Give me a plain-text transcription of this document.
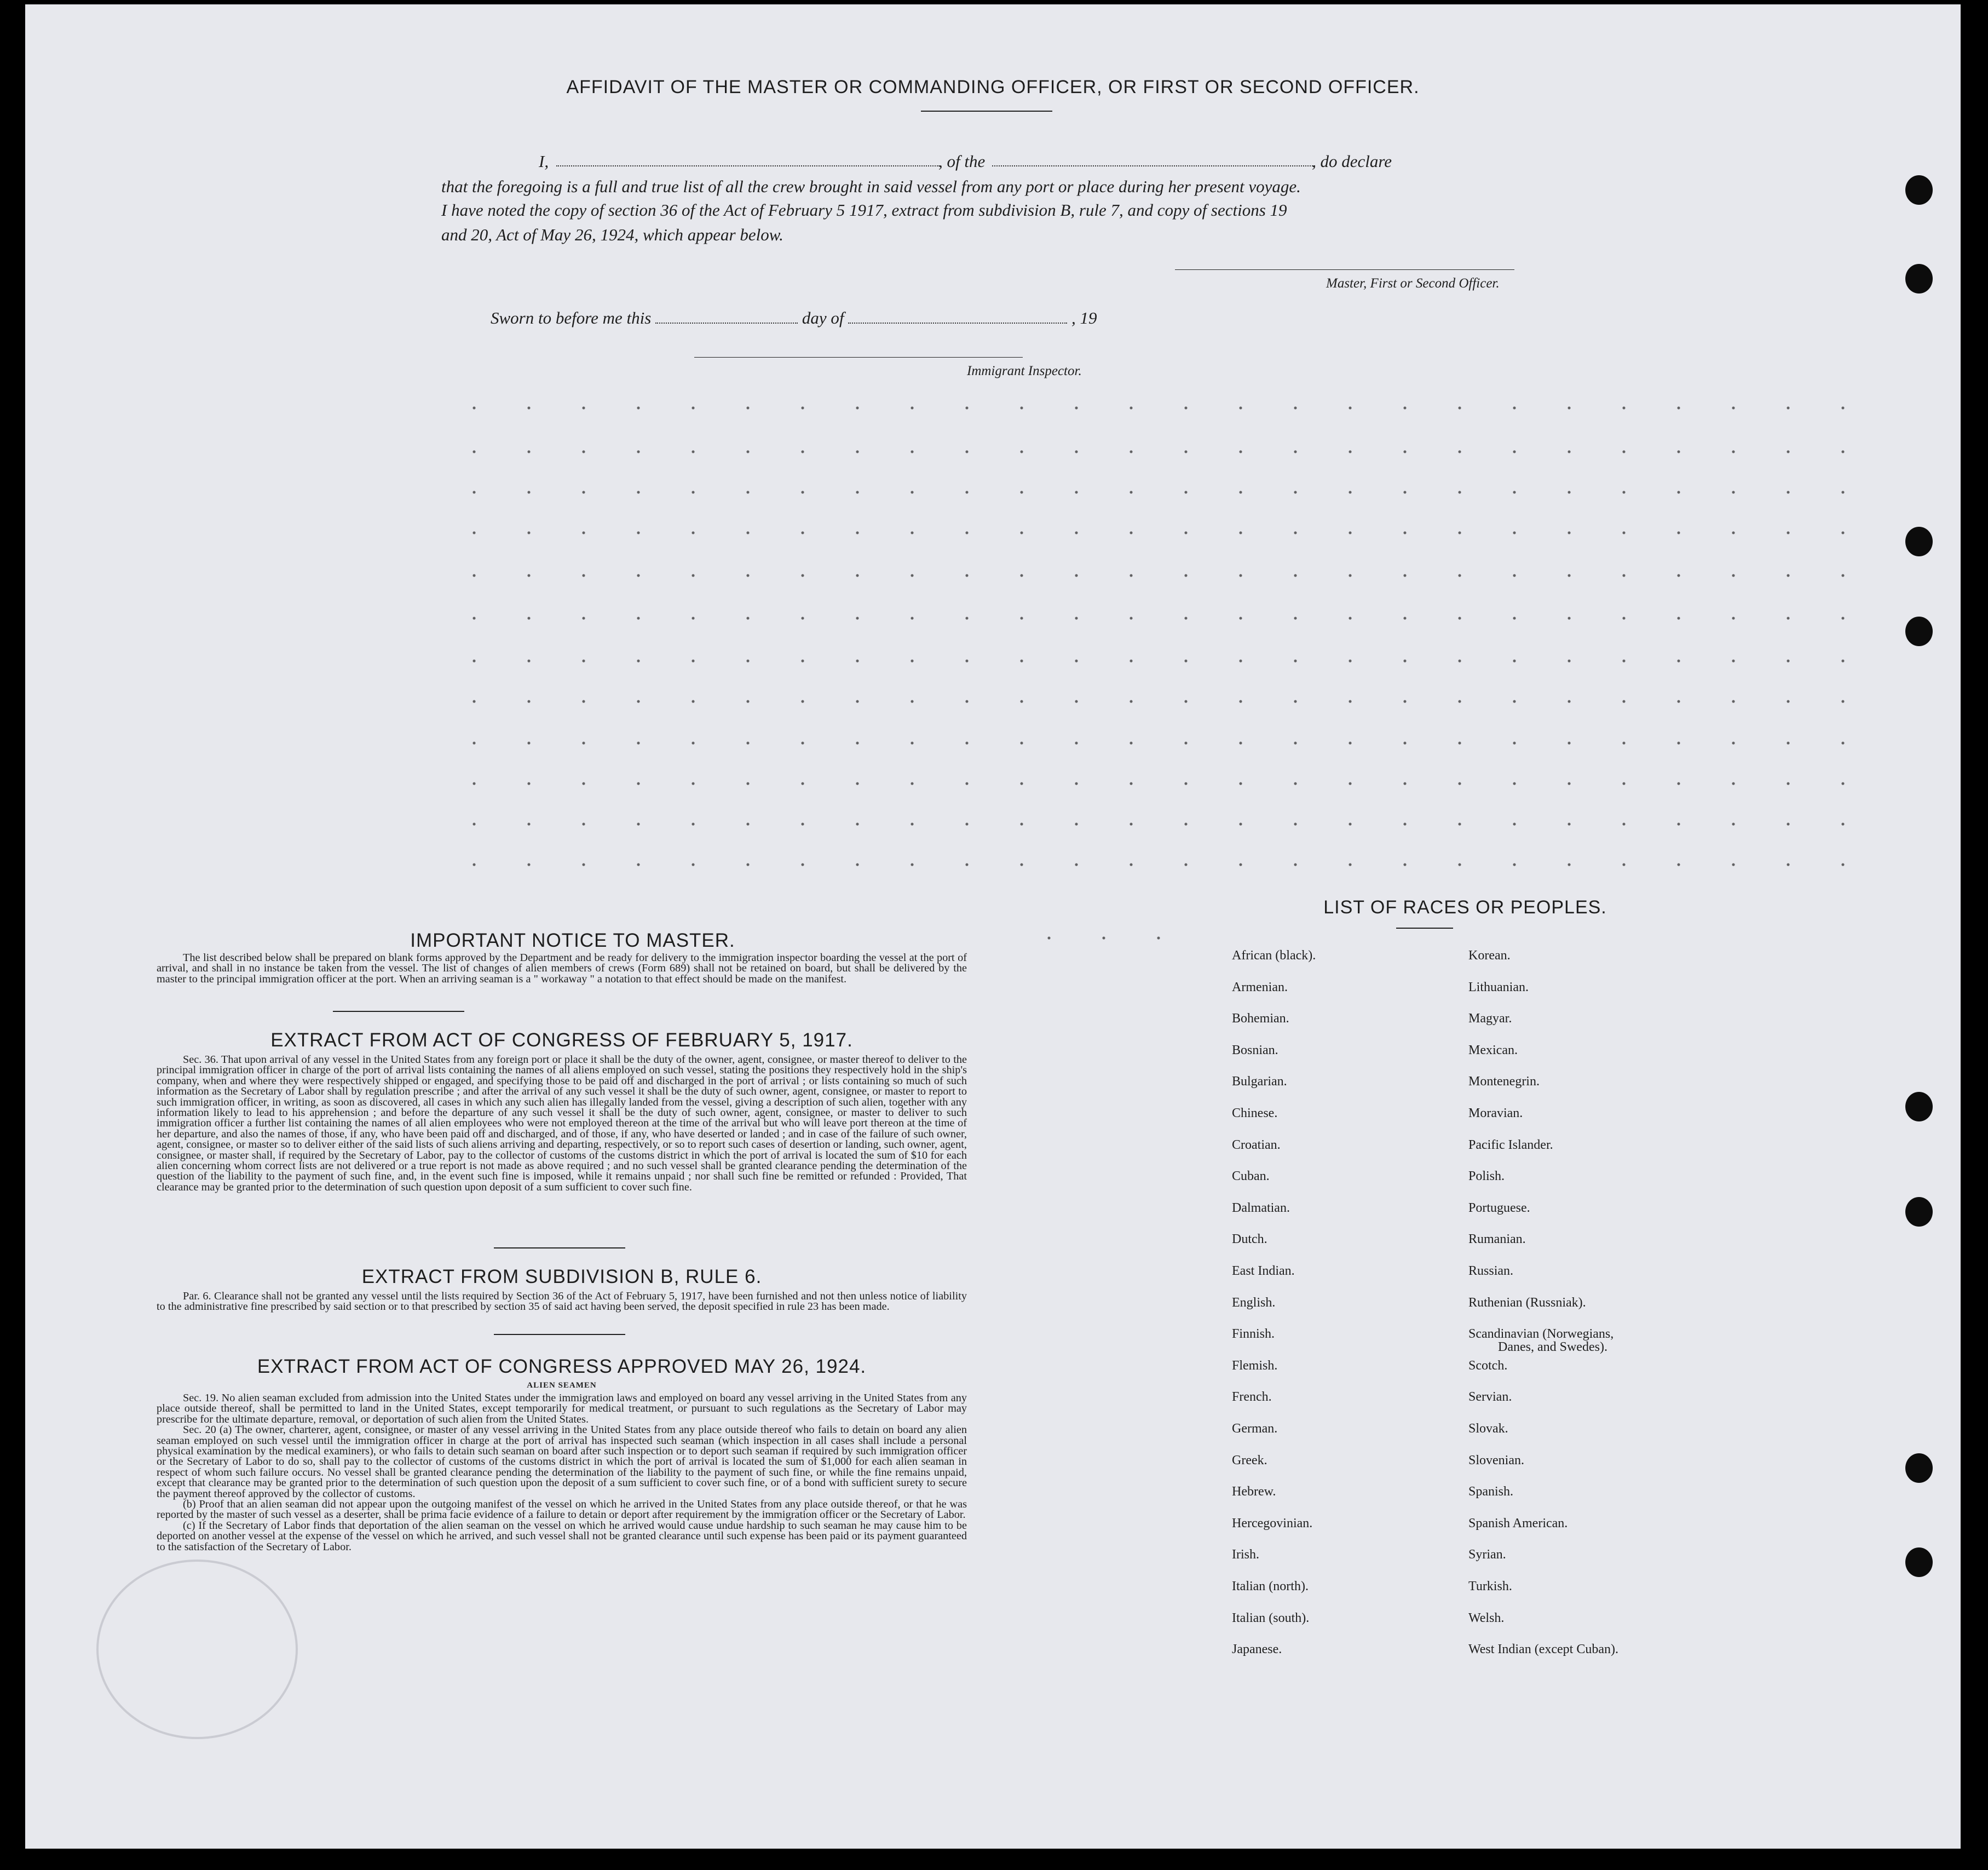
AFFIDAVIT OF THE MASTER OR COMMANDING OFFICER, OR FIRST OR SECOND OFFICER.
I,	, of the	, do declare
that the foregoing is a full and true list of all the crew brought in said vessel from any port or place during her present voyage.
I have noted the copy of section 36 of the Act of February 5 1917, extract from subdivision B, rule 7, and copy of sections 19
and 20, Act of May 26, 1924, which appear below.
Master, First or Second Officer.
Sworn to before me this	day of	, 19
Immigrant Inspector.
IMPORTANT NOTICE TO MASTER.

The list described below shall be prepared on blank forms approved by the Department and be ready for delivery to the immigration inspector boarding the vessel at the port of arrival, and shall in no instance be taken from the vessel. The list of changes of alien members of crews (Form 689) shall not be retained on board, but shall be delivered by the master to the principal immigration officer at the port. When an arriving seaman is a " workaway " a notation to that effect should be made on the manifest.

EXTRACT FROM ACT OF CONGRESS OF FEBRUARY 5, 1917.

Sec. 36. That upon arrival of any vessel in the United States from any foreign port or place it shall be the duty of the owner, agent, consignee, or master thereof to deliver to the principal immigration officer in charge of the port of arrival lists containing the names of all aliens employed on such vessel, stating the positions they respectively hold in the ship's company, when and where they were respectively shipped or engaged, and specifying those to be paid off and discharged in the port of arrival ; or lists containing so much of such information as the Secretary of Labor shall by regulation prescribe ; and after the arrival of any such vessel it shall be the duty of such owner, agent, consignee, or master to report to such immigration officer, in writing, as soon as discovered, all cases in which any such alien has illegally landed from the vessel, giving a description of such alien, together with any information likely to lead to his apprehension ; and before the departure of any such vessel it shall be the duty of such owner, agent, consignee, or master to deliver to such immigration officer a further list containing the names of all alien employees who were not employed thereon at the time of the arrival but who will leave port thereon at the time of her departure, and also the names of those, if any, who have been paid off and discharged, and of those, if any, who have deserted or landed ; and in case of the failure of such owner, agent, consignee, or master so to deliver either of the said lists of such aliens arriving and departing, respectively, or so to report such cases of desertion or landing, such owner, agent, consignee, or master shall, if required by the Secretary of Labor, pay to the collector of customs of the customs district in which the port of arrival is located the sum of $10 for each alien concerning whom correct lists are not delivered or a true report is not made as above required ; and no such vessel shall be granted clearance pending the determination of the question of the liability to the payment of such fine, and, in the event such fine is imposed, while it remains unpaid ; nor shall such fine be remitted or refunded : Provided, That clearance may be granted prior to the determination of such question upon deposit of a sum sufficient to cover such fine.

EXTRACT FROM SUBDIVISION B, RULE 6.

Par. 6. Clearance shall not be granted any vessel until the lists required by Section 36 of the Act of February 5, 1917, have been furnished and not then unless notice of liability to the administrative fine prescribed by said section or to that prescribed by section 35 of said act having been served, the deposit specified in rule 23 has been made.

EXTRACT FROM ACT OF CONGRESS APPROVED MAY 26, 1924.
ALIEN SEAMEN

Sec. 19. No alien seaman excluded from admission into the United States under the immigration laws and employed on board any vessel arriving in the United States from any place outside thereof, shall be permitted to land in the United States, except temporarily for medical treatment, or pursuant to such regulations as the Secretary of Labor may prescribe for the ultimate departure, removal, or deportation of such alien from the United States.

Sec. 20 (a) The owner, charterer, agent, consignee, or master of any vessel arriving in the United States from any place outside thereof who fails to detain on board any alien seaman employed on such vessel until the immigration officer in charge at the port of arrival has inspected such seaman (which inspection in all cases shall include a personal physical examination by the medical examiners), or who fails to detain such seaman on board after such inspection or to deport such seaman if required by such immigration officer or the Secretary of Labor to do so, shall pay to the collector of customs of the customs district in which the port of arrival is located the sum of $1,000 for each alien seaman in respect of whom such failure occurs. No vessel shall be granted clearance pending the determination of the liability to the payment of such fine, or while the fine remains unpaid, except that clearance may be granted prior to the determination of such question upon the deposit of a sum sufficient to cover such fine, or of a bond with sufficient surety to secure the payment thereof approved by the collector of customs.

(b) Proof that an alien seaman did not appear upon the outgoing manifest of the vessel on which he arrived in the United States from any place outside thereof, or that he was reported by the master of such vessel as a deserter, shall be prima facie evidence of a failure to detain or deport after requirement by the immigration officer or the Secretary of Labor.

(c) If the Secretary of Labor finds that deportation of the alien seaman on the vessel on which he arrived would cause undue hardship to such seaman he may cause him to be deported on another vessel at the expense of the vessel on which he arrived, and such vessel shall not be granted clearance until such expense has been paid or its payment guaranteed to the satisfaction of the Secretary of Labor.

LIST OF RACES OR PEOPLES.
African (black).
Armenian.
Bohemian.
Bosnian.
Bulgarian.
Chinese.
Croatian.
Cuban.
Dalmatian.
Dutch.
East Indian.
English.
Finnish.
Flemish.
French.
German.
Greek.
Hebrew.
Hercegovinian.
Irish.
Italian (north).
Italian (south).
Japanese.
Korean.
Lithuanian.
Magyar.
Mexican.
Montenegrin.
Moravian.
Pacific Islander.
Polish.
Portuguese.
Rumanian.
Russian.
Ruthenian (Russniak).
Scandinavian (Norwegians,
Danes, and Swedes).
Scotch.
Servian.
Slovak.
Slovenian.
Spanish.
Spanish American.
Syrian.
Turkish.
Welsh.
West Indian (except Cuban).
